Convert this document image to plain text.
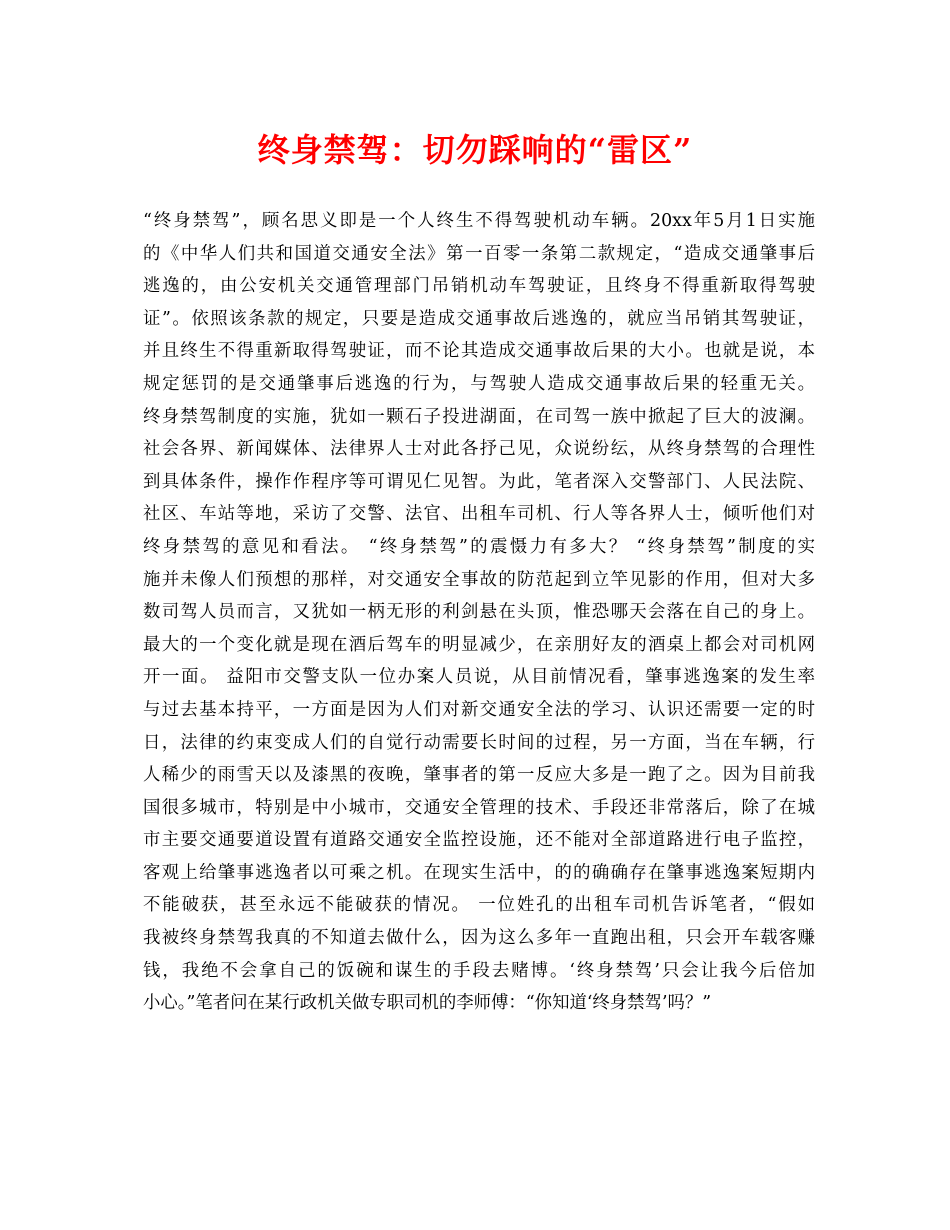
终身禁驾：切勿踩响的“雷区”
“终身禁驾”，顾名思义即是一个人终生不得驾驶机动车辆。20xx年5月1日实施
的《中华人们共和国道交通安全法》第一百零一条第二款规定，“造成交通肇事后
逃逸的，由公安机关交通管理部门吊销机动车驾驶证，且终身不得重新取得驾驶
证”。依照该条款的规定，只要是造成交通事故后逃逸的，就应当吊销其驾驶证，
并且终生不得重新取得驾驶证，而不论其造成交通事故后果的大小。也就是说，本
规定惩罚的是交通肇事后逃逸的行为，与驾驶人造成交通事故后果的轻重无关。
终身禁驾制度的实施，犹如一颗石子投进湖面，在司驾一族中掀起了巨大的波澜。
社会各界、新闻媒体、法律界人士对此各抒己见，众说纷纭，从终身禁驾的合理性
到具体条件，操作作程序等可谓见仁见智。为此，笔者深入交警部门、人民法院、
社区、车站等地，采访了交警、法官、出租车司机、行人等各界人士，倾听他们对
终身禁驾的意见和看法。 “终身禁驾”的震慑力有多大？ “终身禁驾”制度的实
施并未像人们预想的那样，对交通安全事故的防范起到立竿见影的作用，但对大多
数司驾人员而言，又犹如一柄无形的利剑悬在头顶，惟恐哪天会落在自己的身上。
最大的一个变化就是现在酒后驾车的明显减少，在亲朋好友的酒桌上都会对司机网
开一面。 益阳市交警支队一位办案人员说，从目前情况看，肇事逃逸案的发生率
与过去基本持平，一方面是因为人们对新交通安全法的学习、认识还需要一定的时
日，法律的约束变成人们的自觉行动需要长时间的过程，另一方面，当在车辆，行
人稀少的雨雪天以及漆黑的夜晚，肇事者的第一反应大多是一跑了之。因为目前我
国很多城市，特别是中小城市，交通安全管理的技术、手段还非常落后，除了在城
市主要交通要道设置有道路交通安全监控设施，还不能对全部道路进行电子监控，
客观上给肇事逃逸者以可乘之机。在现实生活中，的的确确存在肇事逃逸案短期内
不能破获，甚至永远不能破获的情况。 一位姓孔的出租车司机告诉笔者，“假如
我被终身禁驾我真的不知道去做什么，因为这么多年一直跑出租，只会开车载客赚
钱，我绝不会拿自己的饭碗和谋生的手段去赌博。‘终身禁驾’只会让我今后倍加
小心。”笔者问在某行政机关做专职司机的李师傅：“你知道‘终身禁驾’吗？”
